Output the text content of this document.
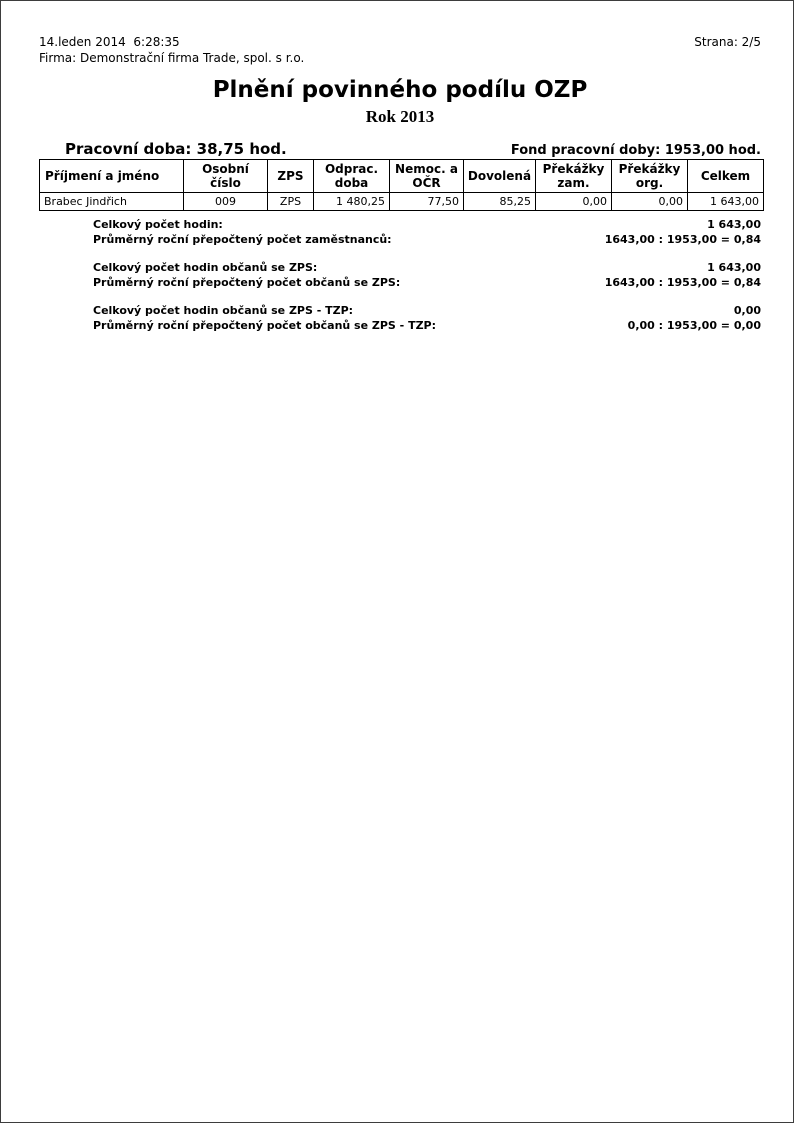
14.leden 2014  6:28:35
Firma: Demonstrační firma Trade, spol. s r.o.
Strana: 2/5
Plnění povinného podílu OZP
Rok 2013
Pracovní doba: 38,75 hod.	Fond pracovní doby: 1953,00 hod.
Příjmení a jméno	Osobní číslo	ZPS	Odprac. doba	Nemoc. a OČR	Dovolená	Překážky zam.	Překážky org.	Celkem
Brabec Jindřich	009	ZPS	1 480,25	77,50	85,25	0,00	0,00	1 643,00
Celkový počet hodin:	1 643,00
Průměrný roční přepočtený počet zaměstnanců:	1643,00 : 1953,00 = 0,84
Celkový počet hodin občanů se ZPS:	1 643,00
Průměrný roční přepočtený počet občanů se ZPS:	1643,00 : 1953,00 = 0,84
Celkový počet hodin občanů se ZPS - TZP:	0,00
Průměrný roční přepočtený počet občanů se ZPS - TZP:	0,00 : 1953,00 = 0,00
